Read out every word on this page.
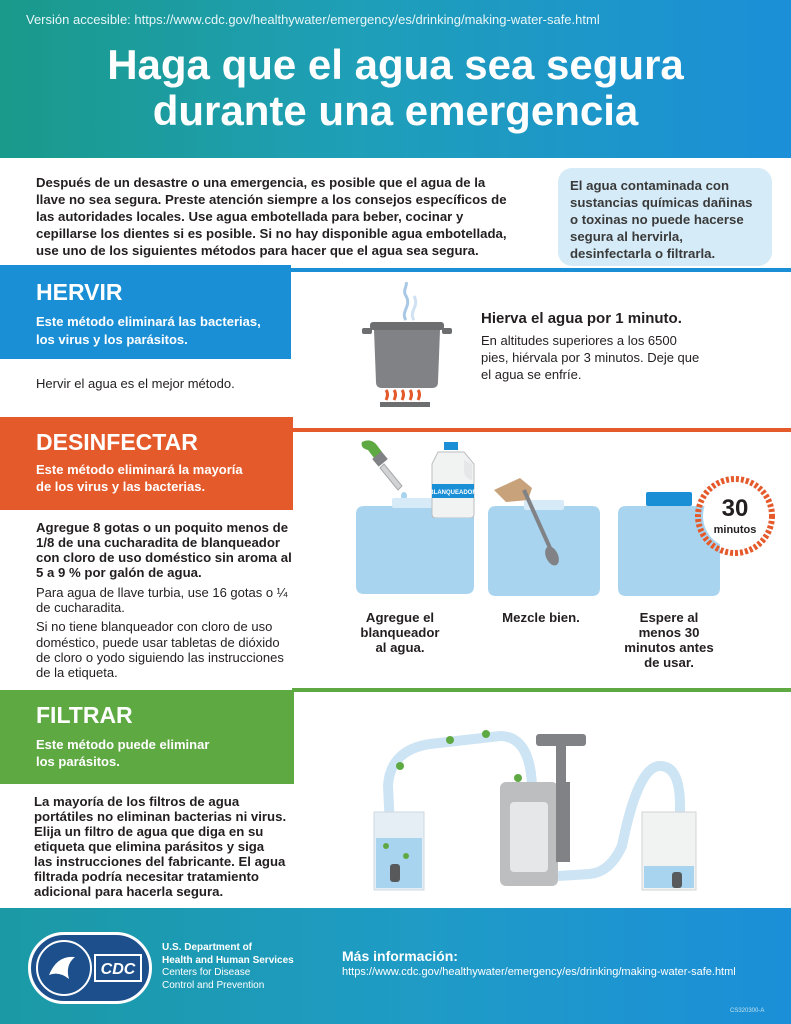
Versión accesible: https://www.cdc.gov/healthywater/emergency/es/drinking/making-water-safe.html
Haga que el agua sea segura
durante una emergencia

Después de un desastre o una emergencia, es posible que el agua de la

llave no sea segura. Preste atención siempre a los consejos específicos de

las autoridades locales. Use agua embotellada para beber, cocinar y

cepillarse los dientes si es posible. Si no hay disponible agua embotellada,

use uno de los siguientes métodos para hacer que el agua sea segura.

El agua contaminada con
sustancias químicas dañinas
o toxinas no puede hacerse
segura al hervirla,
desinfectarla o filtrarla.
HERVIR
Este método eliminará las bacterias,
los virus y los parásitos.
Hervir el agua es el mejor método.
Hierva el agua por 1 minuto.
En altitudes superiores a los 6500
pies, hiérvala por 3 minutos. Deje que
el agua se enfríe.
DESINFECTAR
Este método eliminará la mayoría
de los virus y las bacterias.
Agregue 8 gotas o un poquito menos de
1/8 de una cucharadita de blanqueador
con cloro de uso doméstico sin aroma al
5 a 9 % por galón de agua.
Para agua de llave turbia, use 16 gotas o ¼
de cucharadita.
Si no tiene blanqueador con cloro de uso
doméstico, puede usar tabletas de dióxido
de cloro o yodo siguiendo las instrucciones
de la etiqueta.
BLANQUEADOR
30
minutos
Agregue el
blanqueador
al agua.
Mezcle bien.	Espere al
menos 30
minutos antes
de usar.
FILTRAR
Este método puede eliminar
los parásitos.
La mayoría de los filtros de agua
portátiles no eliminan bacterias ni virus.
Elija un filtro de agua que diga en su
etiqueta que elimina parásitos y siga
las instrucciones del fabricante. El agua
filtrada podría necesitar tratamiento
adicional para hacerla segura.
CDC
U.S. Department of
Health and Human Services
Centers for Disease
Control and Prevention
Más información:
https://www.cdc.gov/healthywater/emergency/es/drinking/making-water-safe.html
CS320300-A
